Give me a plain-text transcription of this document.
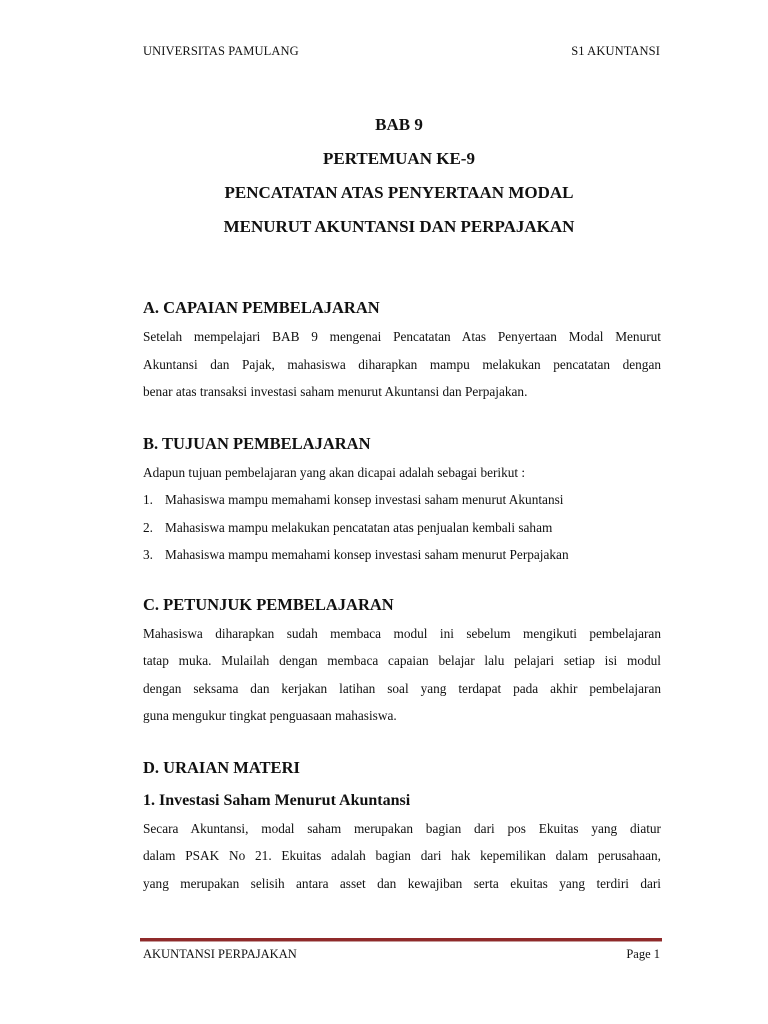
UNIVERSITAS PAMULANG	S1 AKUNTANSI
BAB 9
PERTEMUAN KE-9
PENCATATAN ATAS PENYERTAAN MODAL
MENURUT AKUNTANSI DAN PERPAJAKAN
A. CAPAIAN PEMBELAJARAN

Setelah mempelajari BAB 9 mengenai Pencatatan Atas Penyertaan Modal Menurut
Akuntansi dan Pajak, mahasiswa diharapkan mampu melakukan pencatatan dengan
benar atas transaksi investasi saham menurut Akuntansi dan Perpajakan.

B. TUJUAN PEMBELAJARAN

Adapun tujuan pembelajaran yang akan dicapai adalah sebagai berikut :

1. Mahasiswa mampu memahami konsep investasi saham menurut Akuntansi
2. Mahasiswa mampu melakukan pencatatan atas penjualan kembali saham
3. Mahasiswa mampu memahami konsep investasi saham menurut Perpajakan
C. PETUNJUK PEMBELAJARAN

Mahasiswa diharapkan sudah membaca modul ini sebelum mengikuti pembelajaran
tatap muka. Mulailah dengan membaca capaian belajar lalu pelajari setiap isi modul
dengan seksama dan kerjakan latihan soal yang terdapat pada akhir pembelajaran
guna mengukur tingkat penguasaan mahasiswa.

D. URAIAN MATERI
1. Investasi Saham Menurut Akuntansi

Secara Akuntansi, modal saham merupakan bagian dari pos Ekuitas yang diatur
dalam PSAK No 21. Ekuitas adalah bagian dari hak kepemilikan dalam perusahaan,
yang merupakan selisih antara asset dan kewajiban serta ekuitas yang terdiri dari

AKUNTANSI PERPAJAKAN	Page 1
